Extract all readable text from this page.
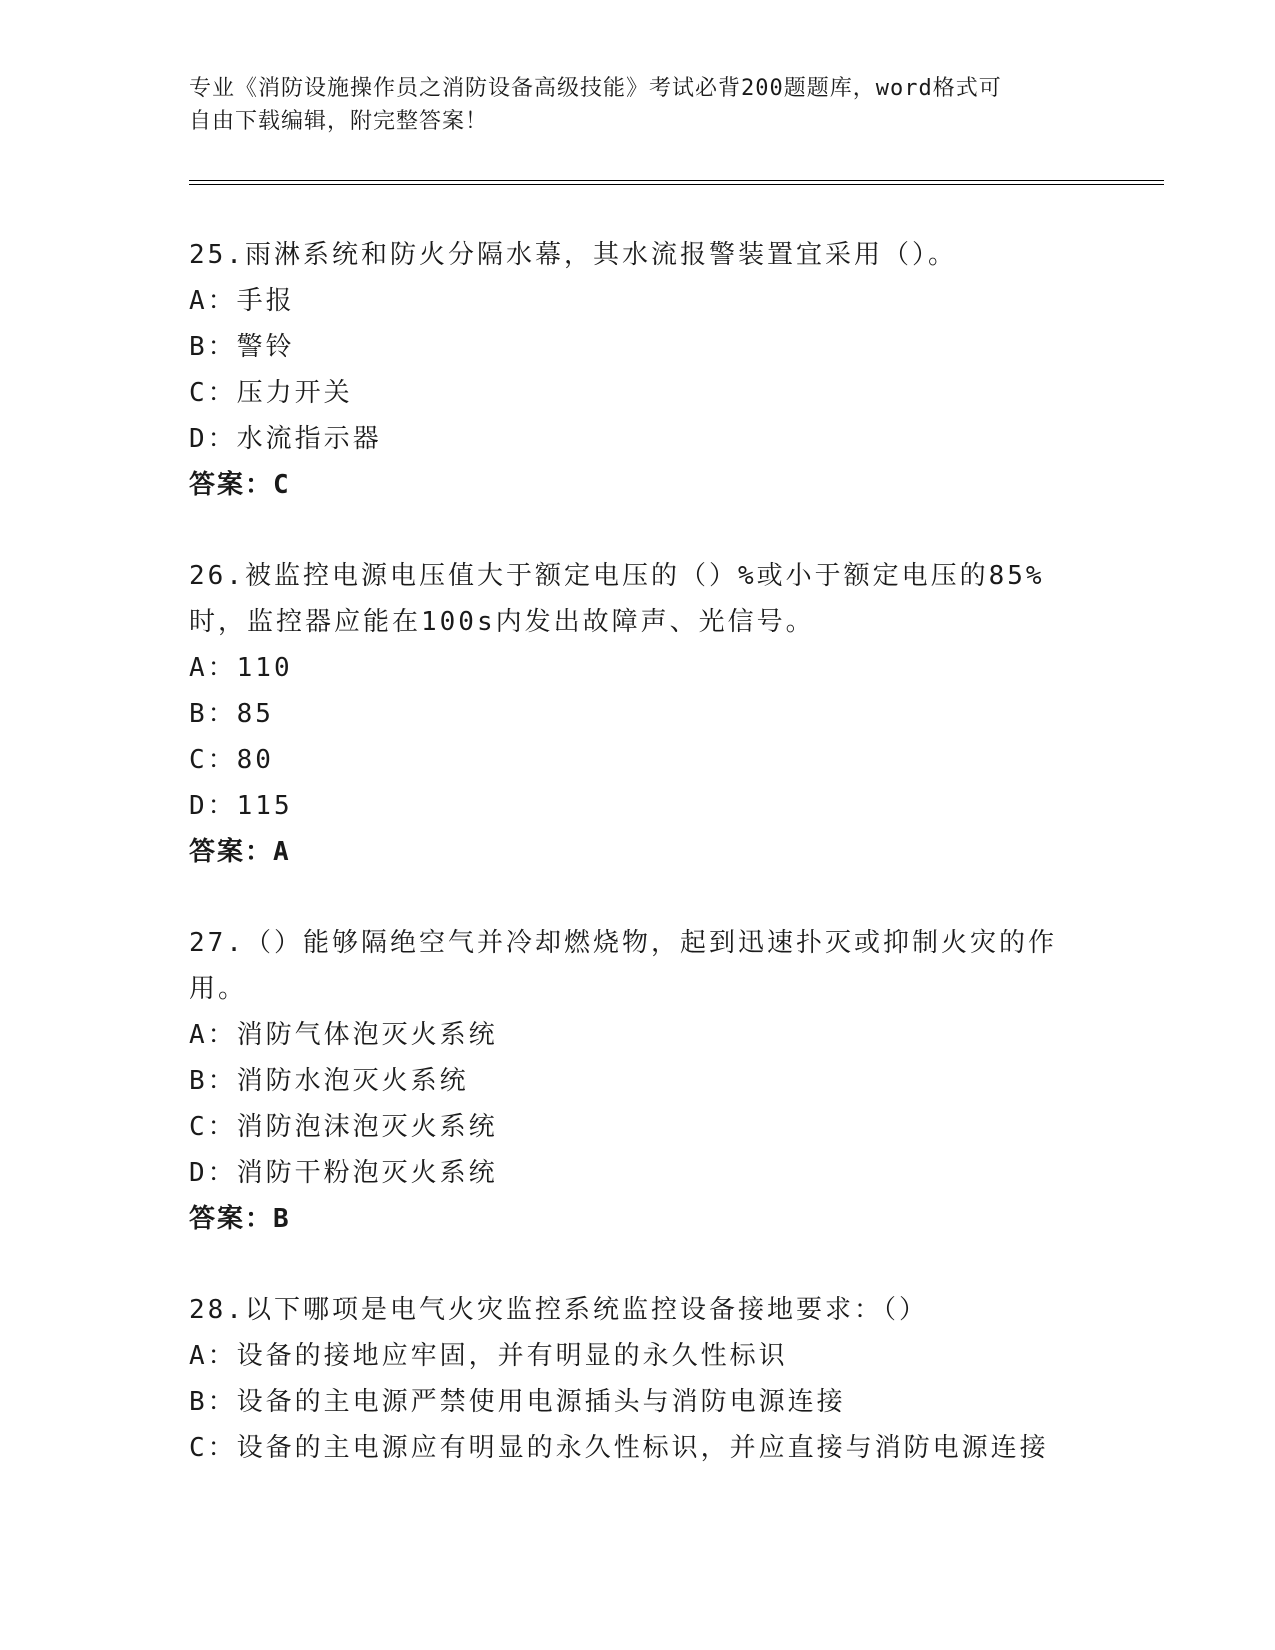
专业《消防设施操作员之消防设备高级技能》考试必背200题题库，word格式可
自由下载编辑，附完整答案！
25.雨淋系统和防火分隔水幕，其水流报警装置宜采用（）。
A：手报
B：警铃
C：压力开关
D：水流指示器
答案：C
26.被监控电源电压值大于额定电压的（）%或小于额定电压的85%时，监控器应能在100s内发出故障声、光信号。
A：110
B：85
C：80
D：115
答案：A
27.（）能够隔绝空气并冷却燃烧物，起到迅速扑灭或抑制火灾的作用。
A：消防气体泡灭火系统
B：消防水泡灭火系统
C：消防泡沫泡灭火系统
D：消防干粉泡灭火系统
答案：B
28.以下哪项是电气火灾监控系统监控设备接地要求：（）
A：设备的接地应牢固，并有明显的永久性标识
B：设备的主电源严禁使用电源插头与消防电源连接
C：设备的主电源应有明显的永久性标识，并应直接与消防电源连接
